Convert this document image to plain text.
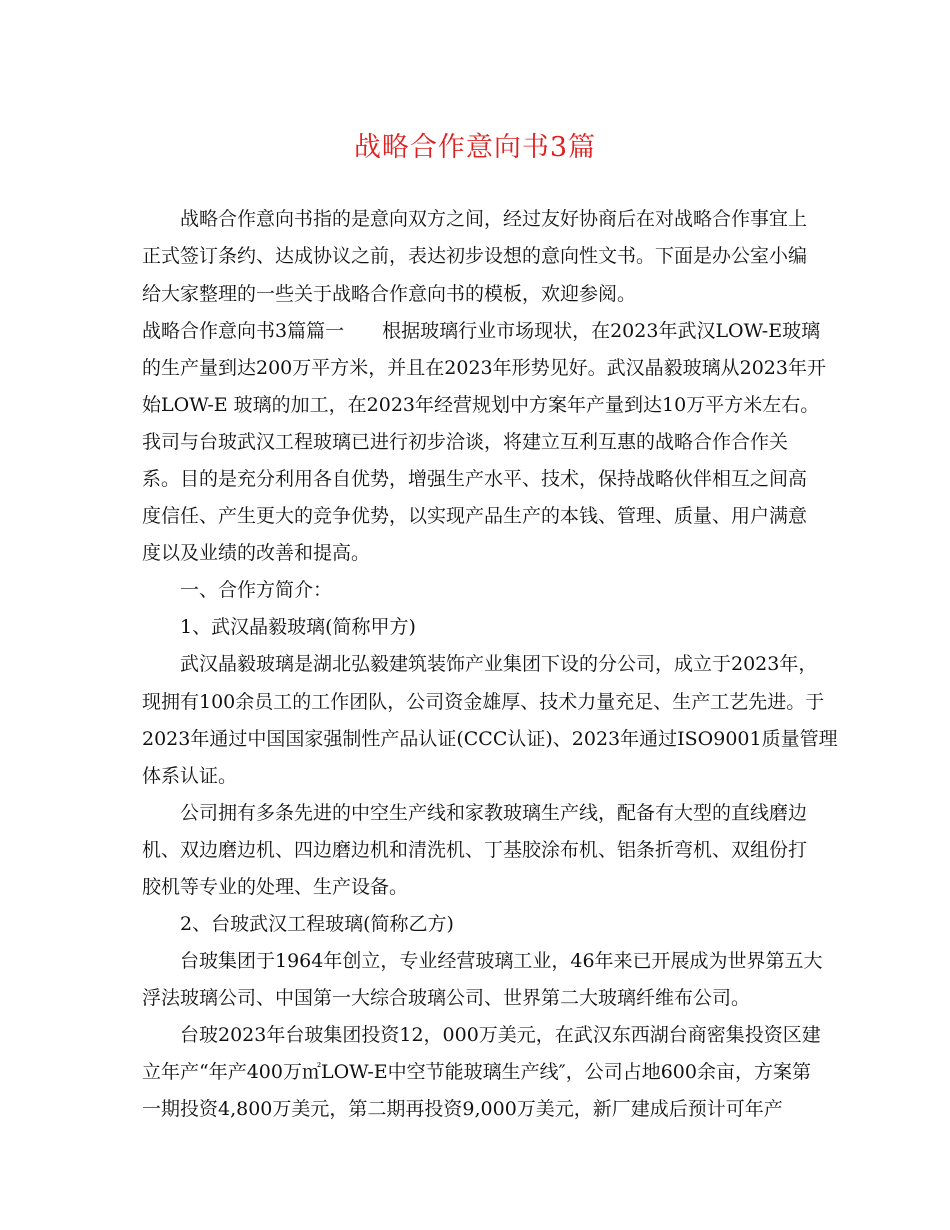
战略合作意向书3篇
战略合作意向书指的是意向双方之间，经过友好协商后在对战略合作事宜上
正式签订条约、达成协议之前，表达初步设想的意向性文书。下面是办公室小编
给大家整理的一些关于战略合作意向书的模板，欢迎参阅。
战略合作意向书3篇篇一　　根据玻璃行业市场现状，在2023年武汉LOW-E玻璃
的生产量到达200万平方米，并且在2023年形势见好。武汉晶毅玻璃从2023年开
始LOW-E 玻璃的加工，在2023年经营规划中方案年产量到达10万平方米左右。
我司与台玻武汉工程玻璃已进行初步洽谈，将建立互利互惠的战略合作合作关
系。目的是充分利用各自优势，增强生产水平、技术，保持战略伙伴相互之间高
度信任、产生更大的竞争优势，以实现产品生产的本钱、管理、质量、用户满意
度以及业绩的改善和提高。
一、合作方简介：
1、武汉晶毅玻璃(简称甲方)
武汉晶毅玻璃是湖北弘毅建筑装饰产业集团下设的分公司，成立于2023年，
现拥有100余员工的工作团队，公司资金雄厚、技术力量充足、生产工艺先进。于
2023年通过中国国家强制性产品认证(CCC认证)、2023年通过ISO9001质量管理
体系认证。
公司拥有多条先进的中空生产线和家教玻璃生产线，配备有大型的直线磨边
机、双边磨边机、四边磨边机和清洗机、丁基胶涂布机、铝条折弯机、双组份打
胶机等专业的处理、生产设备。
2、台玻武汉工程玻璃(简称乙方)
台玻集团于1964年创立，专业经营玻璃工业，46年来已开展成为世界第五大
浮法玻璃公司、中国第一大综合玻璃公司、世界第二大玻璃纤维布公司。
台玻2023年台玻集团投资12，000万美元，在武汉东西湖台商密集投资区建
立年产“年产400万㎡LOW-E中空节能玻璃生产线″，公司占地600余亩，方案第
一期投资4,800万美元，第二期再投资9,000万美元，新厂建成后预计可年产
